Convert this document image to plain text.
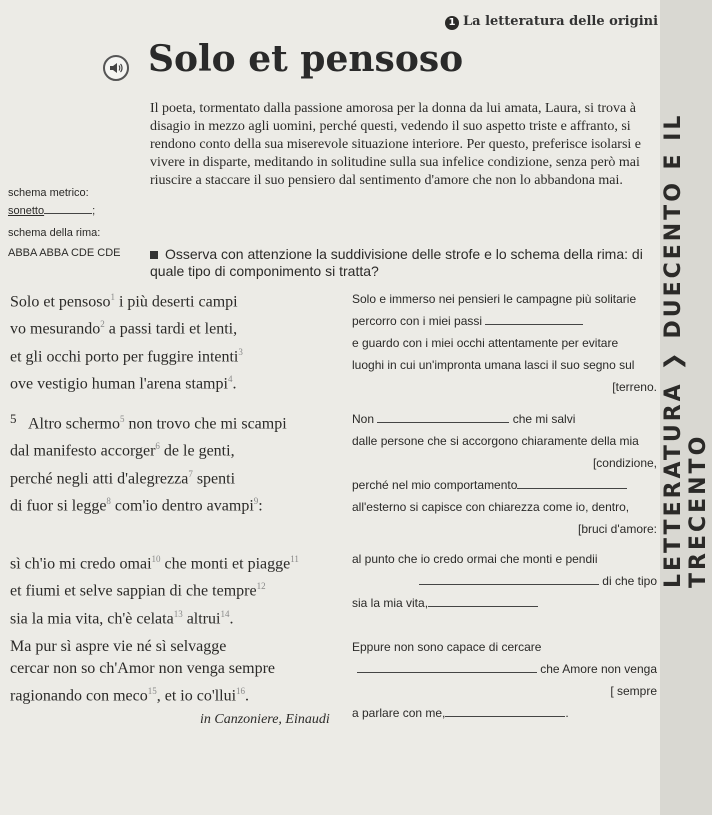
LETTERATURA ❯ DUECENTO E IL TRECENTO
1 La letteratura delle origini
Solo et pensoso
Il poeta, tormentato dalla passione amorosa per la donna da lui amata, Laura, si trova à disagio in mezzo agli uomini, perché questi, vedendo il suo aspetto triste e affranto, si rendono conto della sua miserevole situazione interiore. Per questo, preferisce isolarsi e vivere in disparte, meditando in solitudine sulla sua infelice condizione, senza però mai riuscire a staccare il suo pensiero dal sentimento d'amore che non lo abbandona mai.
schema metrico:
sonetto	;
schema della rima:
ABBA ABBA CDE CDE	Osserva con attenzione la suddivisione delle strofe e lo schema della rima: di quale tipo di componimento si tratta?
Solo et pensoso$^1$ i più deserti campi
vo mesurando$^2$ a passi tardi et lenti,
et gli occhi porto per fuggire intenti$^3$
ove vestigio human l'arena stampi$^4$.
Solo e immerso nei pensieri le campagne più solitarie
percorro con i miei passi
e guardo con i miei occhi attentamente per evitare
luoghi in cui un'impronta umana lasci il suo segno sul
[terreno.
5 Altro schermo$^5$ non trovo che mi scampi
dal manifesto accorger$^6$ de le genti,
perché negli atti d'alegrezza$^7$ spenti
di fuor si legge$^8$ com'io dentro avampi$^9$:
Non	che mi salvi
dalle persone che si accorgono chiaramente della mia
[condizione,
perché nel mio comportamento
all'esterno si capisce con chiarezza come io, dentro,
[bruci d'amore:
sì ch'io mi credo omai$^{10}$ che monti et piagge$^{11}$
et fiumi et selve sappian di che tempre$^{12}$
sia la mia vita, ch'è celata$^{13}$ altrui$^{14}$.
al punto che io credo ormai che monti e pendii
di che tipo
sia la mia vita,
Ma pur sì aspre vie né sì selvagge
cercar non so ch'Amor non venga sempre
ragionando con meco$^{15}$, et io co'llui$^{16}$.
Eppure non sono capace di cercare
che Amore non venga
[ sempre
a parlare con me,	.
in Canzoniere, Einaudi
